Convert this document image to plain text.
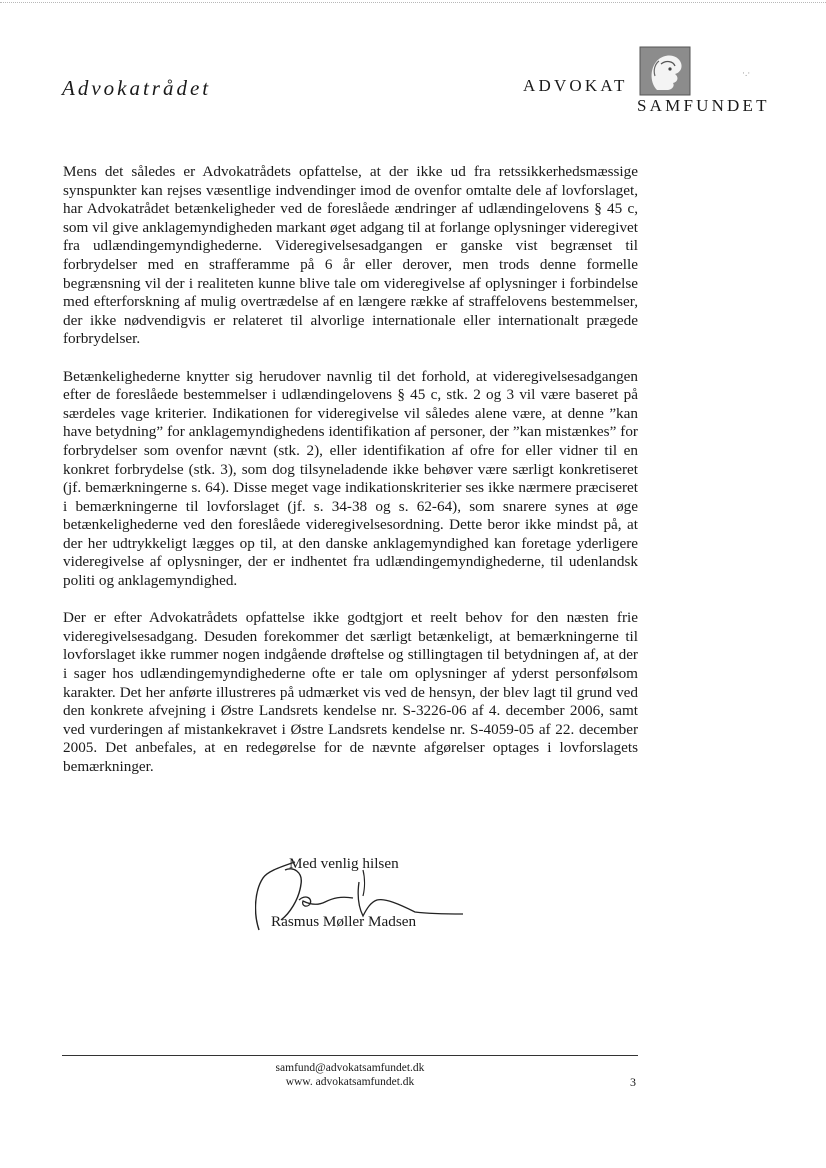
Advokatrådet	ADVOKAT
SAMFUNDET
·.·

Mens det således er Advokatrådets opfattelse, at der ikke ud fra retssikkerhedsmæssige synspunkter kan rejses væsentlige indvendinger imod de ovenfor omtalte dele af lovforslaget, har Advokatrådet betænkeligheder ved de foreslåede ændringer af udlændingelovens § 45 c, som vil give anklagemyndigheden markant øget adgang til at forlange oplysninger videregivet fra udlændingemyndighederne. Videregivelsesadgangen er ganske vist begrænset til forbrydelser med en strafferamme på 6 år eller derover, men trods denne formelle begrænsning vil der i realiteten kunne blive tale om videregivelse af oplysninger i forbindelse med efterforskning af mulig overtrædelse af en længere række af straffelovens bestemmelser, der ikke nødvendigvis er relateret til alvorlige internationale eller internationalt prægede forbrydelser.

Betænkelighederne knytter sig herudover navnlig til det forhold, at videregivelsesadgangen efter de foreslåede bestemmelser i udlændingelovens § 45 c, stk. 2 og 3 vil være baseret på særdeles vage kriterier. Indikationen for videregivelse vil således alene være, at denne ”kan have betydning” for anklagemyndighedens identifikation af personer, der ”kan mistænkes” for forbrydelser som ovenfor nævnt (stk. 2), eller identifikation af ofre for eller vidner til en konkret forbrydelse (stk. 3), som dog tilsyneladende ikke behøver være særligt konkretiseret (jf. bemærkningerne s. 64). Disse meget vage indikationskriterier ses ikke nærmere præciseret i bemærkningerne til lovforslaget (jf. s. 34-38 og s. 62-64), som snarere synes at øge betænkelighederne ved den foreslåede videregivelsesordning. Dette beror ikke mindst på, at der her udtrykkeligt lægges op til, at den danske anklagemyndighed kan foretage yderligere videregivelse af oplysninger, der er indhentet fra udlændingemyndighederne, til udenlandsk politi og anklagemyndighed.

Der er efter Advokatrådets opfattelse ikke godtgjort et reelt behov for den næsten frie videregivelsesadgang. Desuden forekommer det særligt betænkeligt, at bemærkningerne til lovforslaget ikke rummer nogen indgående drøftelse og stillingtagen til betydningen af, at der i sager hos udlændingemyndighederne ofte er tale om oplysninger af yderst personfølsom karakter. Det her anførte illustreres på udmærket vis ved de hensyn, der blev lagt til grund ved den konkrete afvejning i Østre Landsrets kendelse nr. S-3226-06 af 4. december 2006, samt ved vurderingen af mistankekravet i Østre Landsrets kendelse nr. S-4059-05 af 22. december 2005. Det anbefales, at en redegørelse for de nævnte afgørelser optages i lovforslagets bemærkninger.

Med venlig hilsen
Rasmus Møller Madsen
samfund@advokatsamfundet.dk
www. advokatsamfundet.dk	3
